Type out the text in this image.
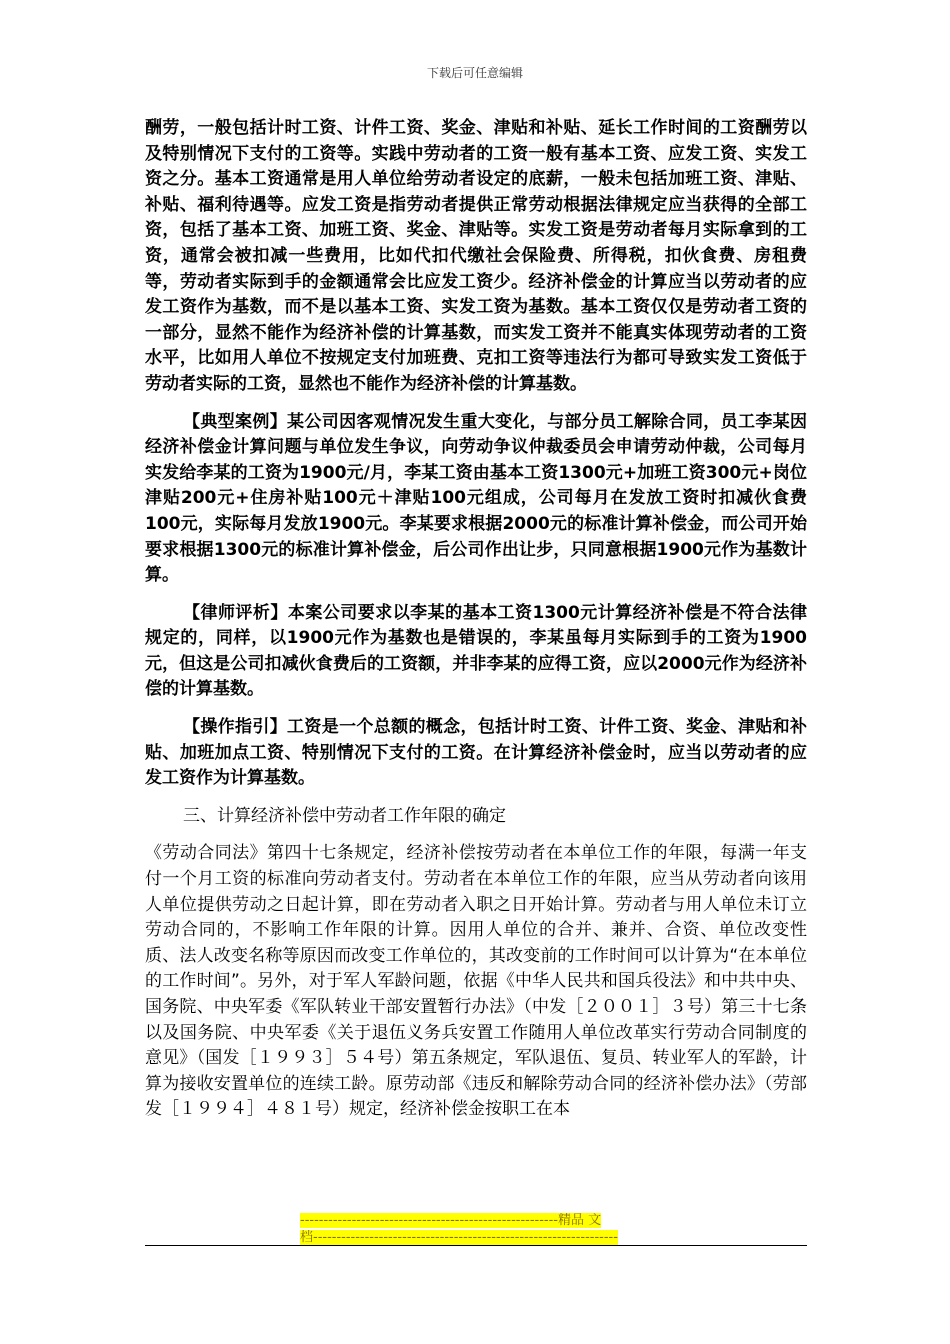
下载后可任意编辑

酬劳，一般包括计时工资、计件工资、奖金、津贴和补贴、延长工作时间的工资酬劳以及特别情况下支付的工资等。实践中劳动者的工资一般有基本工资、应发工资、实发工资之分。基本工资通常是用人单位给劳动者设定的底薪，一般未包括加班工资、津贴、补贴、福利待遇等。应发工资是指劳动者提供正常劳动根据法律规定应当获得的全部工资，包括了基本工资、加班工资、奖金、津贴等。实发工资是劳动者每月实际拿到的工资，通常会被扣减一些费用，比如代扣代缴社会保险费、所得税，扣伙食费、房租费等，劳动者实际到手的金额通常会比应发工资少。经济补偿金的计算应当以劳动者的应发工资作为基数，而不是以基本工资、实发工资为基数。基本工资仅仅是劳动者工资的一部分，显然不能作为经济补偿的计算基数，而实发工资并不能真实体现劳动者的工资水平，比如用人单位不按规定支付加班费、克扣工资等违法行为都可导致实发工资低于劳动者实际的工资，显然也不能作为经济补偿的计算基数。

【典型案例】某公司因客观情况发生重大变化，与部分员工解除合同，员工李某因经济补偿金计算问题与单位发生争议，向劳动争议仲裁委员会申请劳动仲裁，公司每月实发给李某的工资为1900元/月，李某工资由基本工资1300元+加班工资300元+岗位津贴200元+住房补贴100元＋津贴100元组成，公司每月在发放工资时扣减伙食费100元，实际每月发放1900元。李某要求根据2000元的标准计算补偿金，而公司开始要求根据1300元的标准计算补偿金，后公司作出让步，只同意根据1900元作为基数计算。

【律师评析】本案公司要求以李某的基本工资1300元计算经济补偿是不符合法律规定的，同样，以1900元作为基数也是错误的，李某虽每月实际到手的工资为1900元，但这是公司扣减伙食费后的工资额，并非李某的应得工资，应以2000元作为经济补偿的计算基数。

【操作指引】工资是一个总额的概念，包括计时工资、计件工资、奖金、津贴和补贴、加班加点工资、特别情况下支付的工资。在计算经济补偿金时，应当以劳动者的应发工资作为计算基数。

三、计算经济补偿中劳动者工作年限的确定

《劳动合同法》第四十七条规定，经济补偿按劳动者在本单位工作的年限，每满一年支付一个月工资的标准向劳动者支付。劳动者在本单位工作的年限，应当从劳动者向该用人单位提供劳动之日起计算，即在劳动者入职之日开始计算。劳动者与用人单位未订立劳动合同的，不影响工作年限的计算。因用人单位的合并、兼并、合资、单位改变性质、法人改变名称等原因而改变工作单位的，其改变前的工作时间可以计算为“在本单位的工作时间”。另外，对于军人军龄问题，依据《中华人民共和国兵役法》和中共中央、国务院、中央军委《军队转业干部安置暂行办法》（中发［２００１］３号）第三十七条以及国务院、中央军委《关于退伍义务兵安置工作随用人单位改革实行劳动合同制度的意见》（国发［１９９３］５４号）第五条规定，军队退伍、复员、转业军人的军龄，计算为接收安置单位的连续工龄。原劳动部《违反和解除劳动合同的经济补偿办法》（劳部发［１９９４］４８１号）规定，经济补偿金按职工在本

-------------------------------------------------------精品 文
档-----------------------------------------------------------------
